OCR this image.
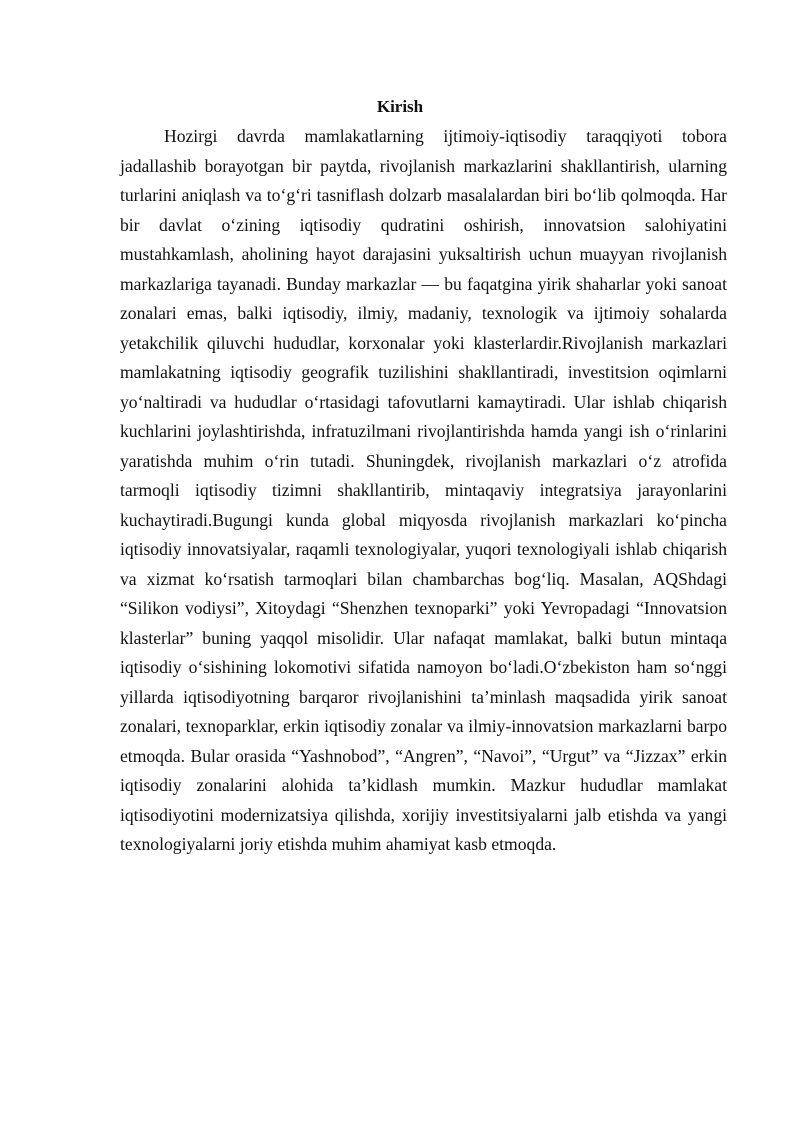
Kirish

Hozirgi davrda mamlakatlarning ijtimoiy-iqtisodiy taraqqiyoti tobora jadallashib borayotgan bir paytda, rivojlanish markazlarini shakllantirish, ularning turlarini aniqlash va to‘g‘ri tasniflash dolzarb masalalardan biri bo‘lib qolmoqda. Har bir davlat o‘zining iqtisodiy qudratini oshirish, innovatsion salohiyatini mustahkamlash, aholining hayot darajasini yuksaltirish uchun muayyan rivojlanish markazlariga tayanadi. Bunday markazlar — bu faqatgina yirik shaharlar yoki sanoat zonalari emas, balki iqtisodiy, ilmiy, madaniy, texnologik va ijtimoiy sohalarda yetakchilik qiluvchi hududlar, korxonalar yoki klasterlardir.Rivojlanish markazlari mamlakatning iqtisodiy geografik tuzilishini shakllantiradi, investitsion oqimlarni yo‘naltiradi va hududlar o‘rtasidagi tafovutlarni kamaytiradi. Ular ishlab chiqarish kuchlarini joylashtirishda, infratuzilmani rivojlantirishda hamda yangi ish o‘rinlarini yaratishda muhim o‘rin tutadi. Shuningdek, rivojlanish markazlari o‘z atrofida tarmoqli iqtisodiy tizimni shakllantirib, mintaqaviy integratsiya jarayonlarini kuchaytiradi.Bugungi kunda global miqyosda rivojlanish markazlari ko‘pincha iqtisodiy innovatsiyalar, raqamli texnologiyalar, yuqori texnologiyali ishlab chiqarish va xizmat ko‘rsatish tarmoqlari bilan chambarchas bog‘liq. Masalan, AQShdagi “Silikon vodiysi”, Xitoydagi “Shenzhen texnoparki” yoki Yevropadagi “Innovatsion klasterlar” buning yaqqol misolidir. Ular nafaqat mamlakat, balki butun mintaqa iqtisodiy o‘sishining lokomotivi sifatida namoyon bo‘ladi.O‘zbekiston ham so‘nggi yillarda iqtisodiyotning barqaror rivojlanishini ta’minlash maqsadida yirik sanoat zonalari, texnoparklar, erkin iqtisodiy zonalar va ilmiy-innovatsion markazlarni barpo etmoqda. Bular orasida “Yashnobod”, “Angren”, “Navoi”, “Urgut” va “Jizzax” erkin iqtisodiy zonalarini alohida ta’kidlash mumkin. Mazkur hududlar mamlakat iqtisodiyotini modernizatsiya qilishda, xorijiy investitsiyalarni jalb etishda va yangi texnologiyalarni joriy etishda muhim ahamiyat kasb etmoqda.
